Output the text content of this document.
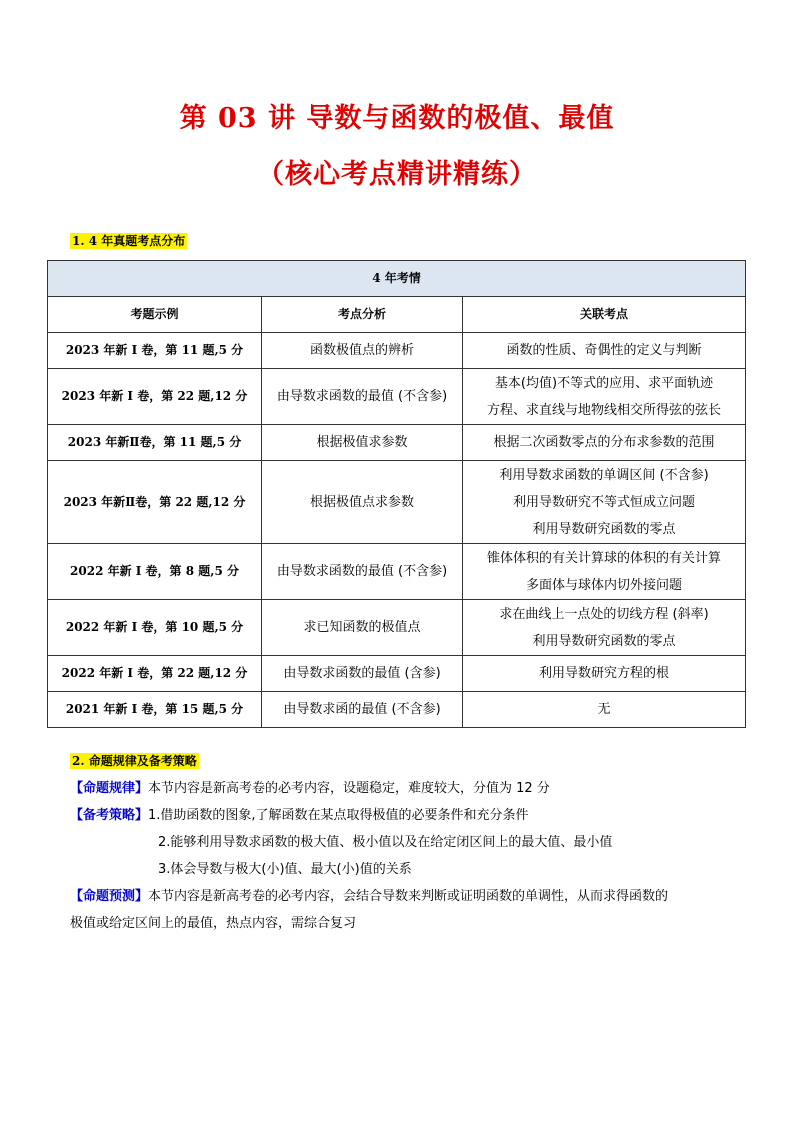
第 03 讲 导数与函数的极值、最值
（核心考点精讲精练）
1. 4 年真题考点分布
4 年考情		
考题示例	考点分析	关联考点
2023 年新 I 卷，第 11 题,5 分	函数极值点的辨析	函数的性质、奇偶性的定义与判断

2023 年新 I 卷，第 22 题,12 分	由导数求函数的最值 (不含参)	基本(均值)不等式的应用、求平面轨迹
方程、求直线与地物线相交所得弦的弦长

2023 年新Ⅱ卷，第 11 题,5 分	根据极值求参数	根据二次函数零点的分布求参数的范围

2023 年新Ⅱ卷，第 22 题,12 分	根据极值点求参数	利用导数求函数的单调区间 (不含参)
利用导数研究不等式恒成立问题
利用导数研究函数的零点

2022 年新 I 卷，第 8 题,5 分	由导数求函数的最值 (不含参)	锥体体积的有关计算球的体积的有关计算
多面体与球体内切外接问题

2022 年新 I 卷，第 10 题,5 分	求已知函数的极值点	求在曲线上一点处的切线方程 (斜率)
利用导数研究函数的零点

2022 年新 I 卷，第 22 题,12 分	由导数求函数的最值 (含参)	利用导数研究方程的根

2021 年新 I 卷，第 15 题,5 分	由导数求函的最值 (不含参)	无
2. 命题规律及备考策略
【命题规律】本节内容是新高考卷的必考内容，设题稳定，难度较大，分值为 12 分
【备考策略】1.借助函数的图象,了解函数在某点取得极值的必要条件和充分条件
2.能够利用导数求函数的极大值、极小值以及在给定闭区间上的最大值、最小值
3.体会导数与极大(小)值、最大(小)值的关系
【命题预测】本节内容是新高考卷的必考内容，会结合导数来判断或证明函数的单调性，从而求得函数的
极值或给定区间上的最值，热点内容，需综合复习
